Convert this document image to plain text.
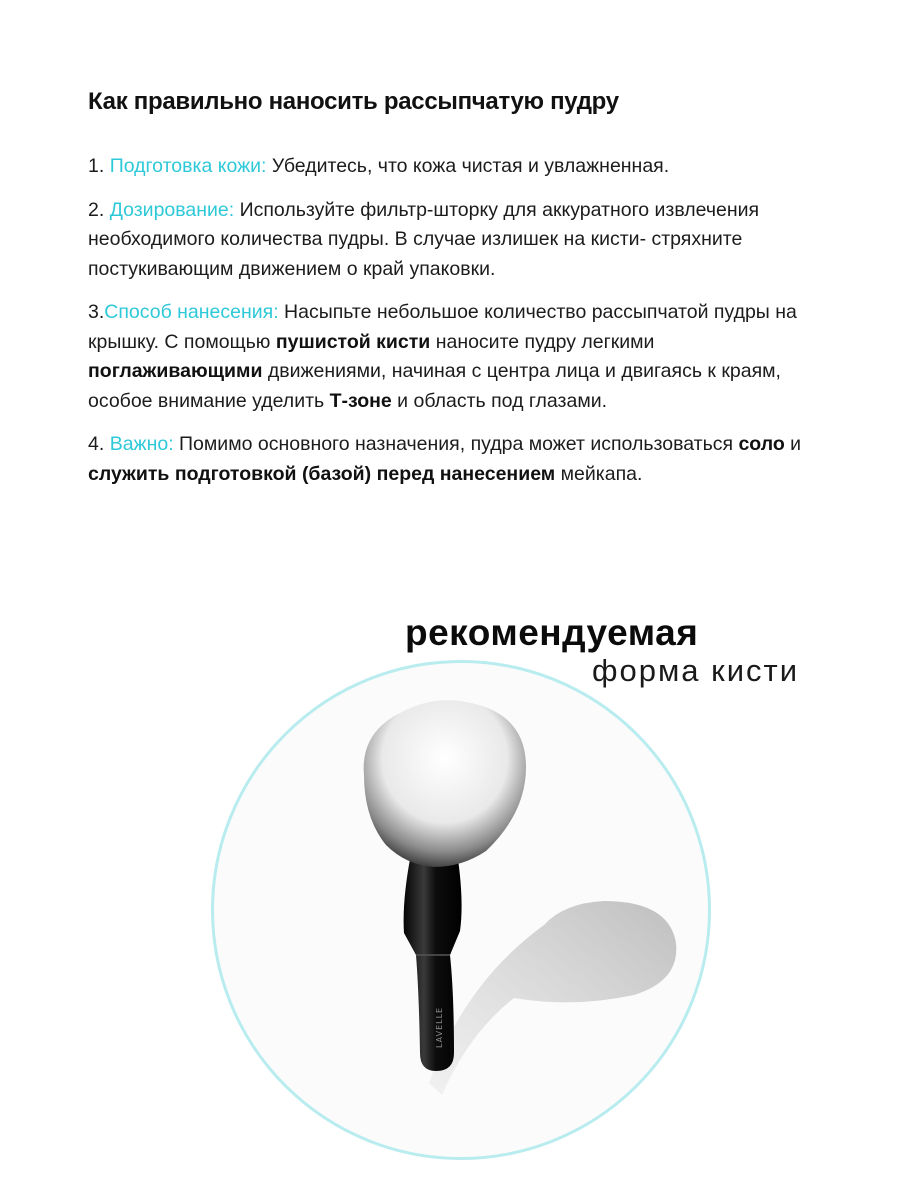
Как правильно наносить рассыпчатую пудру

1. Подготовка кожи: Убедитесь, что кожа чистая и увлажненная.

2. Дозирование: Используйте фильтр-шторку для аккуратного извлечения необходимого количества пудры. В случае излишек на кисти- стряхните постукивающим движением о край упаковки.

3.Способ нанесения: Насыпьте небольшое количество рассыпчатой пудры на крышку. С помощью пушистой кисти наносите пудру легкими поглаживающими движениями, начиная с центра лица и двигаясь к краям, особое внимание уделить Т-зоне и область под глазами.

4. Важно: Помимо основного назначения, пудра может использоваться соло и служить подготовкой (базой) перед нанесением мейкапа.

рекомендуемая

форма кисти

LAVELLE
